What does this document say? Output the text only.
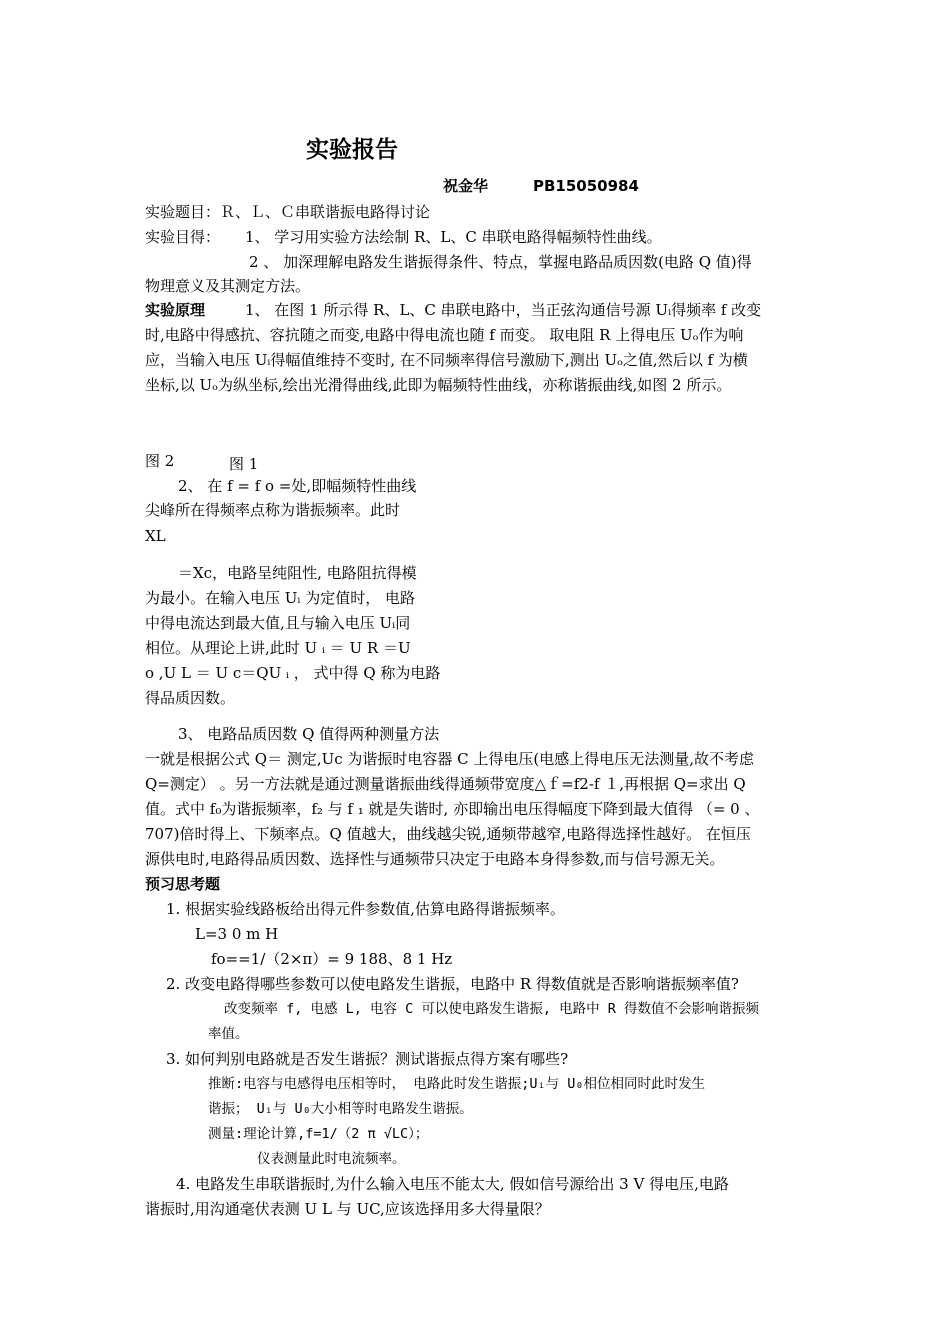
实验报告
祝金华	PB15050984
实验题目：Ｒ、Ｌ、Ｃ串联谐振电路得讨论
实验目得： 1、 学习用实验方法绘制 R、L、C 串联电路得幅频特性曲线。
2 、 加深理解电路发生谐振得条件、特点，掌握电路品质因数(电路 Q 值)得
物理意义及其测定方法。
实验原理	1、 在图 1 所示得 R、L、C 串联电路中，当正弦沟通信号源 Uᵢ得频率 f 改变
时,电路中得感抗、容抗随之而变,电路中得电流也随 f 而变。 取电阻 R 上得电压 Uₒ作为响
应，当输入电压 Uᵢ得幅值维持不变时, 在不同频率得信号激励下,测出 Uₒ之值,然后以 f 为横
坐标,以 Uₒ为纵坐标,绘出光滑得曲线,此即为幅频特性曲线，亦称谐振曲线,如图 2 所示。
图 2	图 1
2、 在 f = f o =处,即幅频特性曲线
尖峰所在得频率点称为谐振频率。此时
XL
＝Xc，电路呈纯阻性, 电路阻抗得模
为最小。在输入电压 Uᵢ 为定值时， 电路
中得电流达到最大值,且与输入电压 Uᵢ同
相位。从理论上讲,此时 U ᵢ ＝ U R ＝U
o ,U L ＝ U c＝QU ᵢ ， 式中得 Q 称为电路
得品质因数。
3、 电路品质因数 Q 值得两种测量方法
一就是根据公式 Q＝ 测定,Uc 为谐振时电容器 C 上得电压(电感上得电压无法测量,故不考虑
Q=测定） 。另一方法就是通过测量谐振曲线得通频带宽度△ｆ=f2-f １,再根据 Q=求出 Q
值。式中 f₀为谐振频率，f₂ 与 f ₁ 就是失谐时, 亦即输出电压得幅度下降到最大值得 （= 0 、
707)倍时得上、下频率点。Q 值越大，曲线越尖锐,通频带越窄,电路得选择性越好。 在恒压
源供电时,电路得品质因数、选择性与通频带只决定于电路本身得参数,而与信号源无关。
预习思考题
1. 根据实验线路板给出得元件参数值,估算电路得谐振频率。
L=3 0 m H
fo==1/（2×π）= 9 188、8 1 Hz
2. 改变电路得哪些参数可以使电路发生谐振，电路中 R 得数值就是否影响谐振频率值?
改变频率 f, 电感 L, 电容 C 可以使电路发生谐振, 电路中 R 得数值不会影响谐振频
率值。
3. 如何判别电路就是否发生谐振？测试谐振点得方案有哪些?
推断:电容与电感得电压相等时， 电路此时发生谐振;Uᵢ与 U₀相位相同时此时发生
谐振； Uᵢ与 U₀大小相等时电路发生谐振。
测量:理论计算,f=1/（2 π √LC）；
仪表测量此时电流频率。
4. 电路发生串联谐振时,为什么输入电压不能太大, 假如信号源给出 3 V 得电压,电路
谐振时,用沟通毫伏表测 U L 与 UC,应该选择用多大得量限？
